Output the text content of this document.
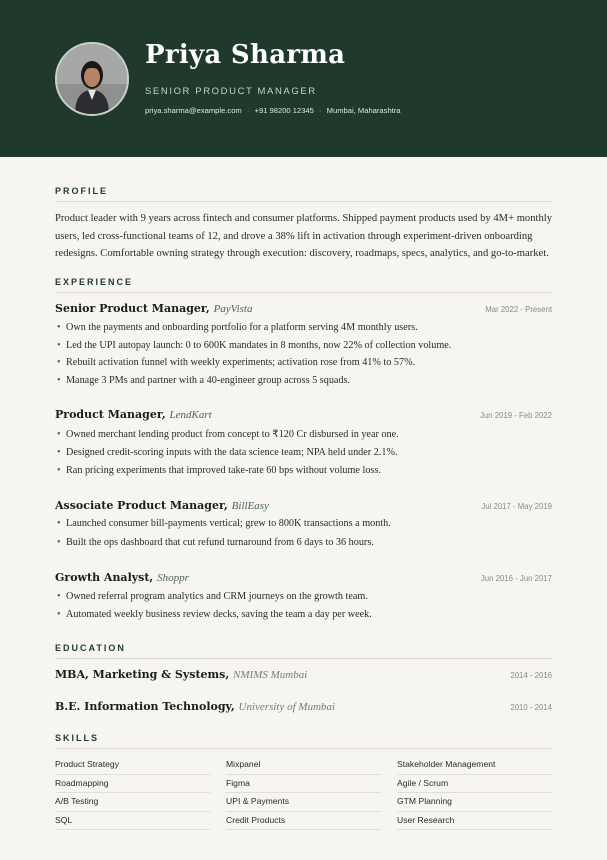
Priya Sharma
SENIOR PRODUCT MANAGER
priya.sharma@example.com · +91 98200 12345 · Mumbai, Maharashtra
PROFILE
Product leader with 9 years across fintech and consumer platforms. Shipped payment products used by 4M+ monthly users, led cross-functional teams of 12, and drove a 38% lift in activation through experiment-driven onboarding redesigns. Comfortable owning strategy through execution: discovery, roadmaps, specs, analytics, and go-to-market.
EXPERIENCE
Senior Product Manager, PayVista	Mar 2022 - Present
• Own the payments and onboarding portfolio for a platform serving 4M monthly users.
• Led the UPI autopay launch: 0 to 600K mandates in 8 months, now 22% of collection volume.
• Rebuilt activation funnel with weekly experiments; activation rose from 41% to 57%.
• Manage 3 PMs and partner with a 40-engineer group across 5 squads.
Product Manager, LendKart	Jun 2019 - Feb 2022
• Owned merchant lending product from concept to ₹120 Cr disbursed in year one.
• Designed credit-scoring inputs with the data science team; NPA held under 2.1%.
• Ran pricing experiments that improved take-rate 60 bps without volume loss.
Associate Product Manager, BillEasy	Jul 2017 - May 2019
• Launched consumer bill-payments vertical; grew to 800K transactions a month.
• Built the ops dashboard that cut refund turnaround from 6 days to 36 hours.
Growth Analyst, Shoppr	Jun 2016 - Jun 2017
• Owned referral program analytics and CRM journeys on the growth team.
• Automated weekly business review decks, saving the team a day per week.
EDUCATION
MBA, Marketing & Systems, NMIMS Mumbai	2014 - 2016
B.E. Information Technology, University of Mumbai	2010 - 2014
SKILLS
Product Strategy	Mixpanel	Stakeholder Management
Roadmapping	Figma	Agile / Scrum
A/B Testing	UPI & Payments	GTM Planning
SQL	Credit Products	User Research
